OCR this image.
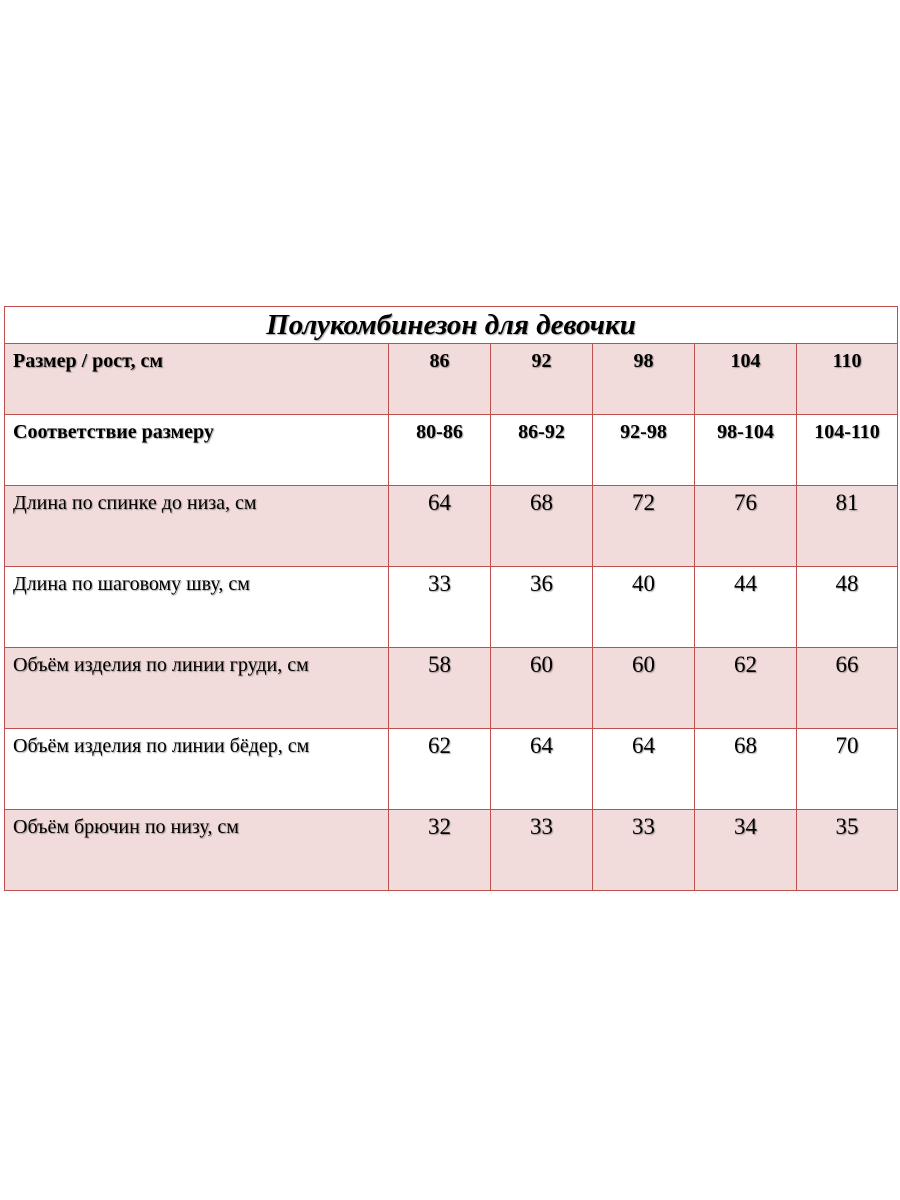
Полукомбинезон для девочки					
Размер / рост, см	86	92	98	104	110
Соответствие размеру	80-86	86-92	92-98	98-104	104-110
Длина по спинке до низа, см	64	68	72	76	81
Длина по шаговому шву, см	33	36	40	44	48
Объём изделия по линии груди, см	58	60	60	62	66
Объём изделия по линии бёдер, см	62	64	64	68	70
Объём брючин по низу, см	32	33	33	34	35
